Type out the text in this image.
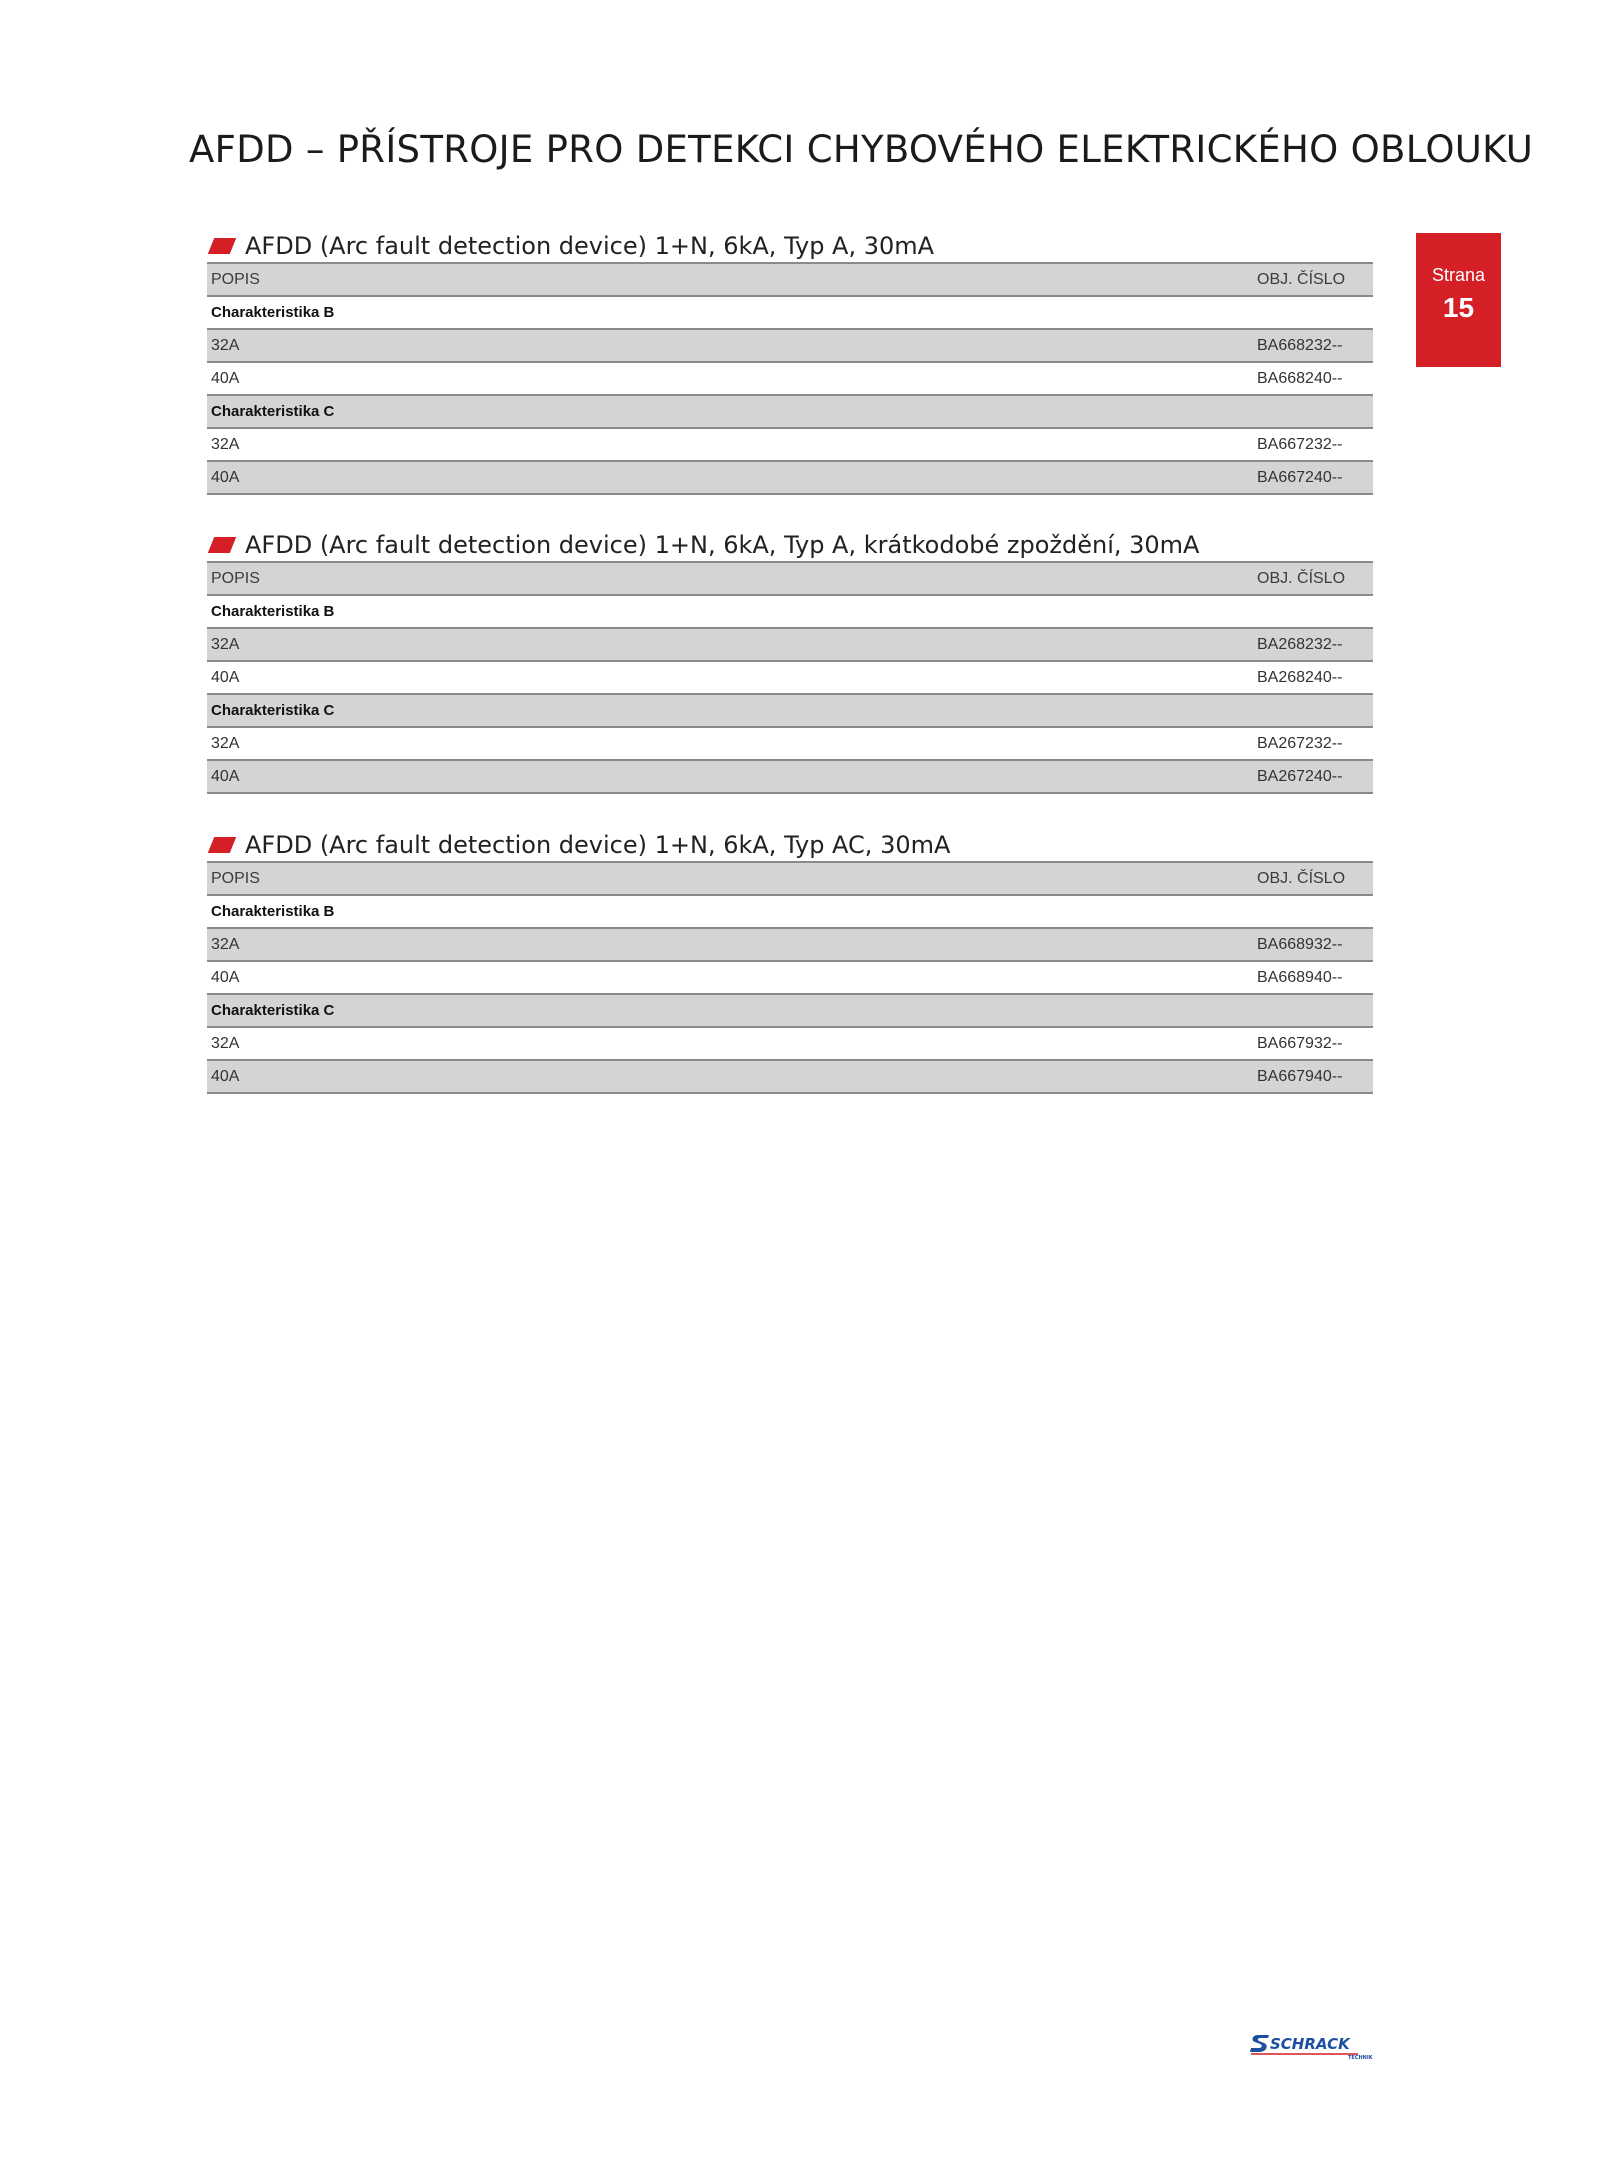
AFDD – PŘÍSTROJE PRO DETEKCI CHYBOVÉHO ELEKTRICKÉHO OBLOUKU
Strana
15
AFDD (Arc fault detection device) 1+N, 6kA, Typ A, 30mA
POPIS	OBJ. ČÍSLO
Charakteristika B	
32A	BA668232--
40A	BA668240--
Charakteristika C	
32A	BA667232--
40A	BA667240--
AFDD (Arc fault detection device) 1+N, 6kA, Typ A, krátkodobé zpoždění, 30mA
POPIS	OBJ. ČÍSLO
Charakteristika B	
32A	BA268232--
40A	BA268240--
Charakteristika C	
32A	BA267232--
40A	BA267240--
AFDD (Arc fault detection device) 1+N, 6kA, Typ AC, 30mA
POPIS	OBJ. ČÍSLO
Charakteristika B	
32A	BA668932--
40A	BA668940--
Charakteristika C	
32A	BA667932--
40A	BA667940--
SCHRACK
TECHNIK
